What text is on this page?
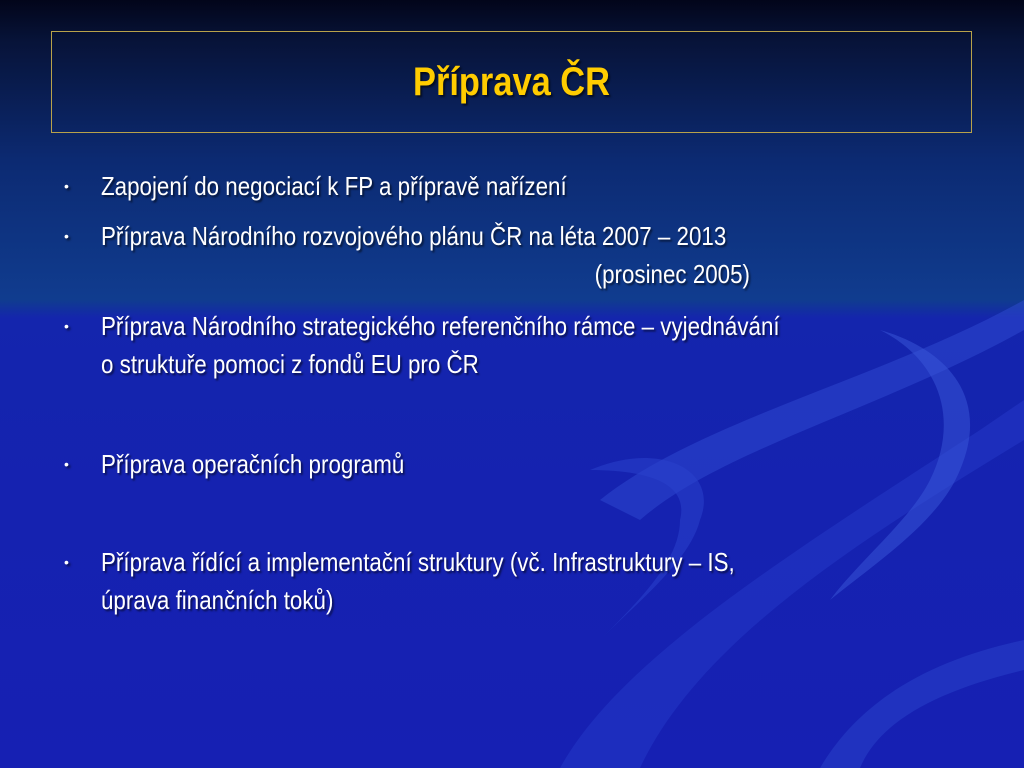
Příprava ČR
•	Zapojení do negociací k FP a přípravě nařízení
•	Příprava Národního rozvojového plánu ČR na léta 2007 – 2013
(prosinec 2005)
•	Příprava Národního strategického referenčního rámce – vyjednávání
o struktuře pomoci z fondů EU pro ČR
•	Příprava operačních programů
•	Příprava řídící a implementační struktury (vč. Infrastruktury – IS,
úprava finančních toků)
